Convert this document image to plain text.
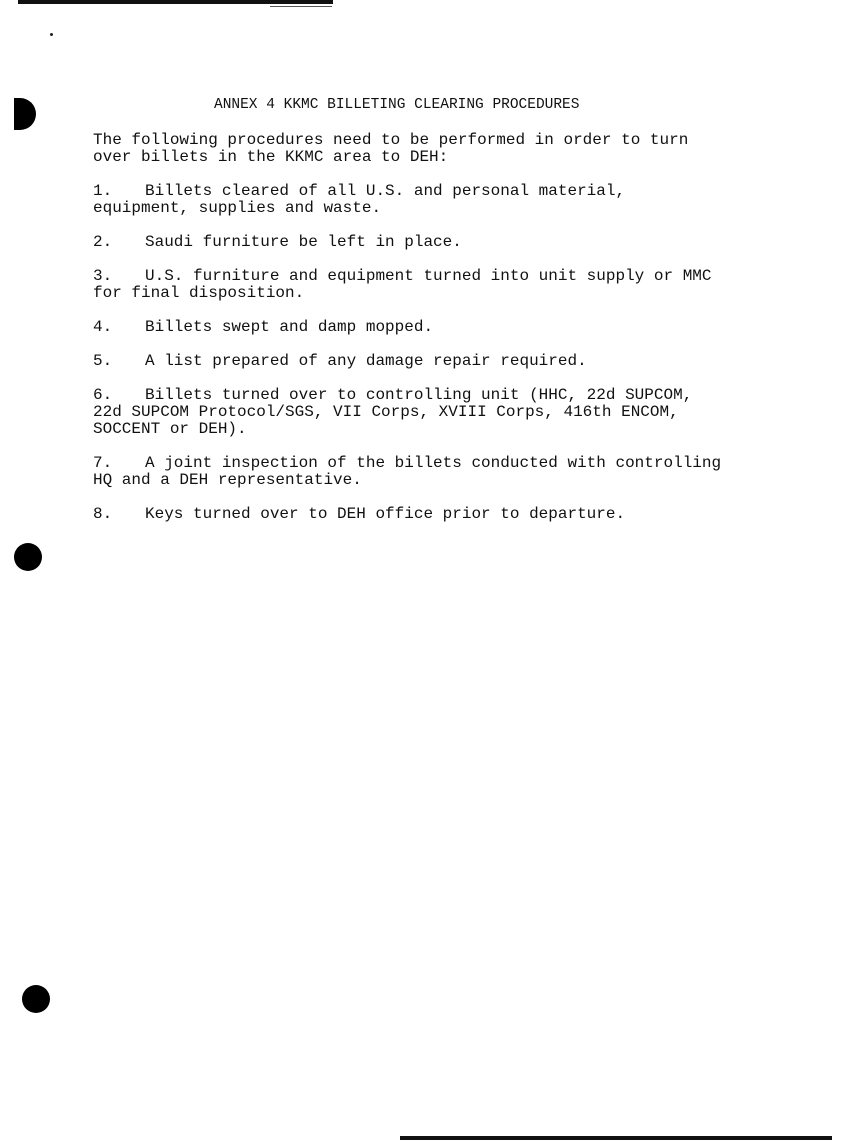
ANNEX 4 KKMC BILLETING CLEARING PROCEDURES

The following procedures need to be performed in order to turn
over billets in the KKMC area to DEH:

1. Billets cleared of all U.S. and personal material,
equipment, supplies and waste.
2. Saudi furniture be left in place.
3. U.S. furniture and equipment turned into unit supply or MMC
for final disposition.
4. Billets swept and damp mopped.
5. A list prepared of any damage repair required.
6. Billets turned over to controlling unit (HHC, 22d SUPCOM,
22d SUPCOM Protocol/SGS, VII Corps, XVIII Corps, 416th ENCOM,
SOCCENT or DEH).
7. A joint inspection of the billets conducted with controlling
HQ and a DEH representative.
8. Keys turned over to DEH office prior to departure.
